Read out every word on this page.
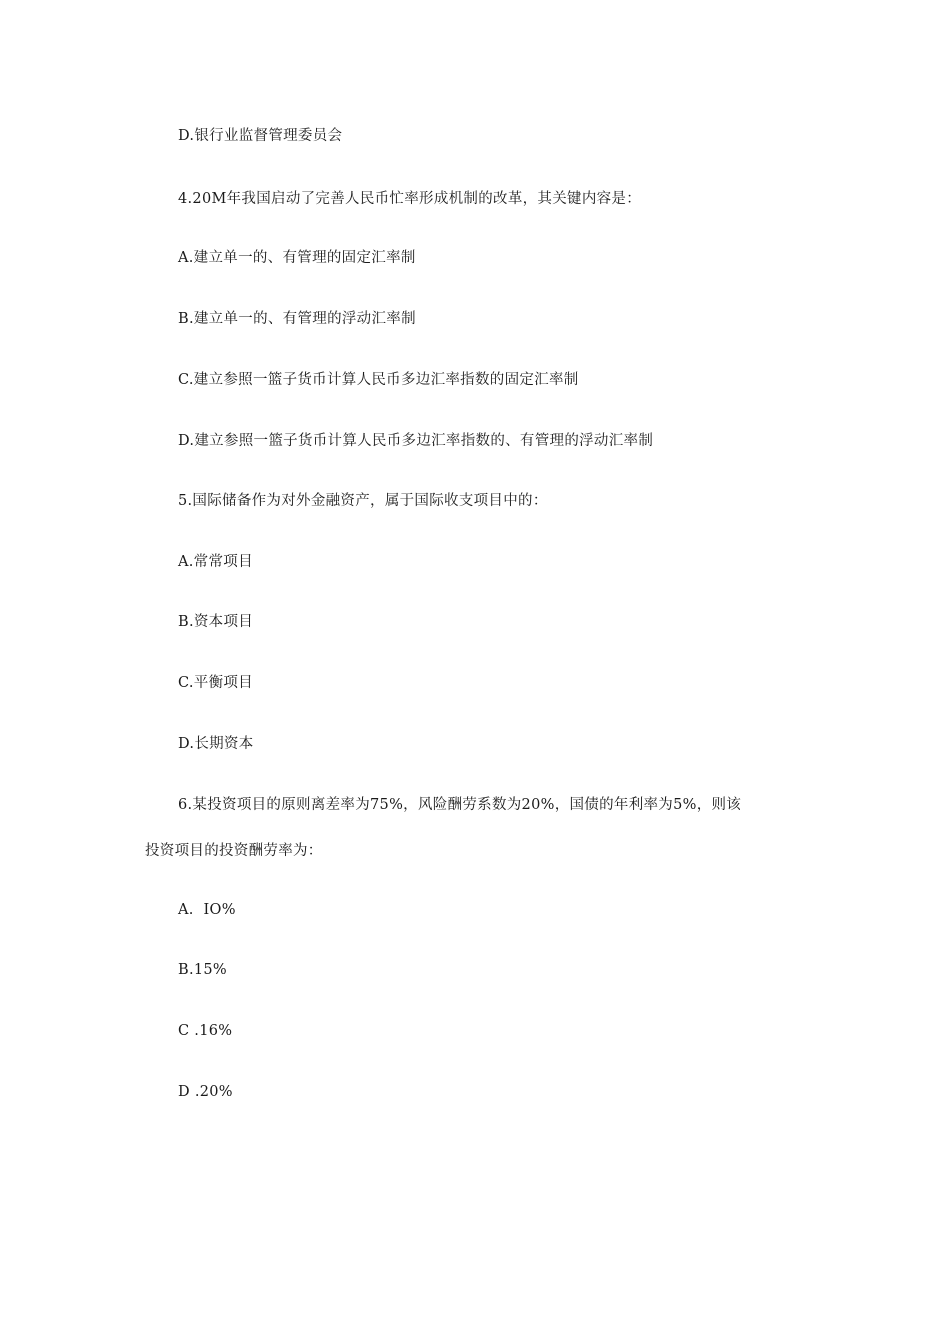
D.银行业监督管理委员会
4.20M年我国启动了完善人民币忙率形成机制的改革，其关键内容是：
A.建立单一的、有管理的固定汇率制
B.建立单一的、有管理的浮动汇率制
C.建立参照一篮子货币计算人民币多边汇率指数的固定汇率制
D.建立参照一篮子货币计算人民币多边汇率指数的、有管理的浮动汇率制
5.国际储备作为对外金融资产，属于国际收支项目中的：
A.常常项目
B.资本项目
C.平衡项目
D.长期资本
6.某投资项目的原则离差率为75%，风险酬劳系数为20%，国债的年利率为5%，则该
投资项目的投资酬劳率为：
A.  IO%
B.15%
C .16%
D .20%
